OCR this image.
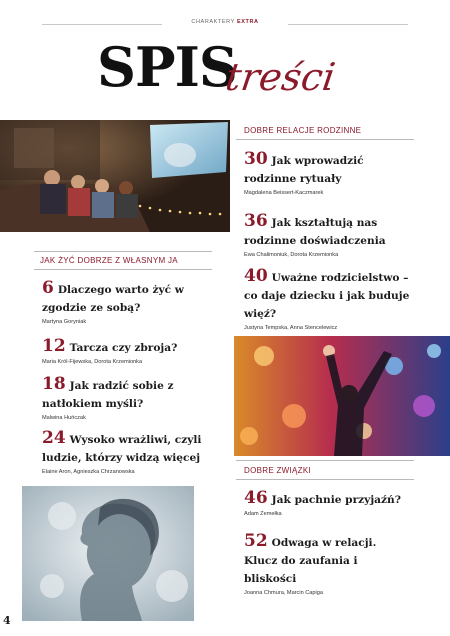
CHARAKTERY EXTRA
SPIS
treści
DOBRE RELACJE RODZINNE
30 Jak wprowadzić rodzinne rytuały
Magdalena Beissert-Kaczmarek
36 Jak kształtują nas rodzinne doświadczenia
Ewa Chalimoniuk, Dorota Krzemionka
40 Uważne rodzicielstwo – co daje dziecku i jak buduje więź?
Justyna Tempska, Anna Stencelewicz
JAK ŻYĆ DOBRZE Z WŁASNYM JA
6 Dlaczego warto żyć w zgodzie ze sobą?
Martyna Goryniak
12 Tarcza czy zbroja?
Maria Król-Fijewska, Dorota Krzemionka
18 Jak radzić sobie z natłokiem myśli?
Malwina Huńczak
24 Wysoko wrażliwi, czyli ludzie, którzy widzą więcej
Elaine Aron, Agnieszka Chrzanowska	DOBRE ZWIĄZKI
46 Jak pachnie przyjaźń?
Adam Zemełka
52 Odwaga w relacji. Klucz do zaufania i bliskości
Joanna Chmura, Marcin Capiga
4
